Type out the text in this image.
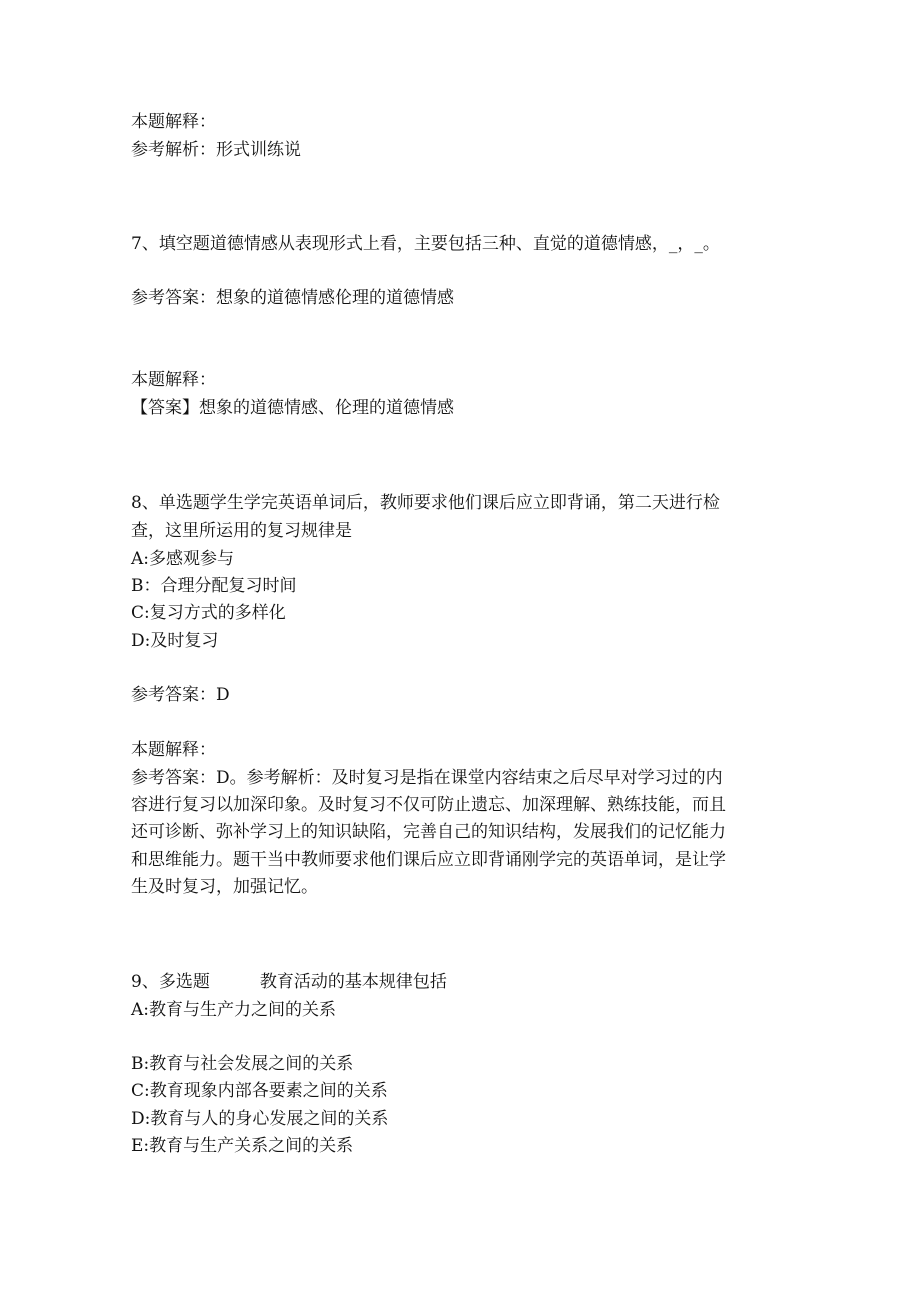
本题解释：
参考解析：形式训练说
7、填空题道德情感从表现形式上看，主要包括三种、直觉的道德情感，_，_。
参考答案：想象的道德情感伦理的道德情感
本题解释：
【答案】想象的道德情感、伦理的道德情感
8、单选题学生学完英语单词后，教师要求他们课后应立即背诵，第二天进行检
查，这里所运用的复习规律是
A:多感观参与
B：合理分配复习时间
C:复习方式的多样化
D:及时复习
参考答案：D
本题解释：
参考答案：D。参考解析：及时复习是指在课堂内容结束之后尽早对学习过的内
容进行复习以加深印象。及时复习不仅可防止遗忘、加深理解、熟练技能，而且
还可诊断、弥补学习上的知识缺陷，完善自己的知识结构，发展我们的记忆能力
和思维能力。题干当中教师要求他们课后应立即背诵刚学完的英语单词，是让学
生及时复习，加强记忆。
9、多选题	教育活动的基本规律包括
A:教育与生产力之间的关系
B:教育与社会发展之间的关系
C:教育现象内部各要素之间的关系
D:教育与人的身心发展之间的关系
E:教育与生产关系之间的关系
